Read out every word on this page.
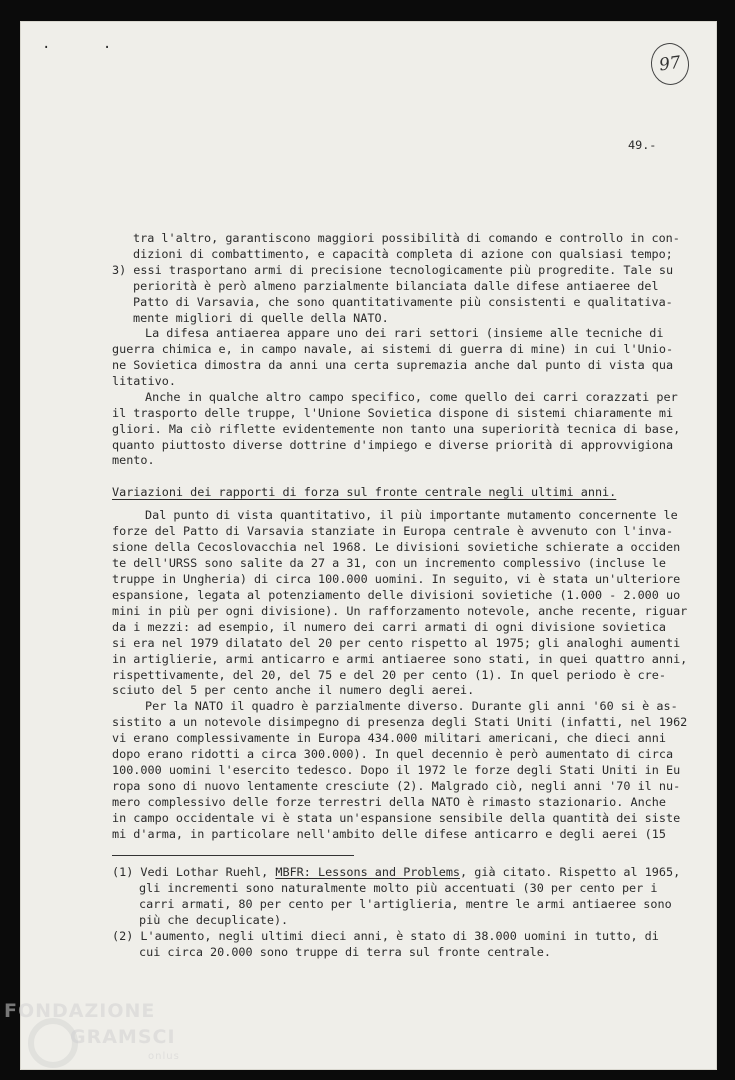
. .
97
49.-
tra l'altro, garantiscono maggiori possibilità di comando e controllo in con-
dizioni di combattimento, e capacità completa di azione con qualsiasi tempo;
3) essi trasportano armi di precisione tecnologicamente più progredite. Tale su
periorità è però almeno parzialmente bilanciata dalle difese antiaeree del
Patto di Varsavia, che sono quantitativamente più consistenti e qualitativa-
mente migliori di quelle della NATO.
La difesa antiaerea appare uno dei rari settori (insieme alle tecniche di
guerra chimica e, in campo navale, ai sistemi di guerra di mine) in cui l'Unio-
ne Sovietica dimostra da anni una certa supremazia anche dal punto di vista qua
litativo.
Anche in qualche altro campo specifico, come quello dei carri corazzati per
il trasporto delle truppe, l'Unione Sovietica dispone di sistemi chiaramente mi
gliori. Ma ciò riflette evidentemente non tanto una superiorità tecnica di base,
quanto piuttosto diverse dottrine d'impiego e diverse priorità di approvvigiona
mento.
Variazioni dei rapporti di forza sul fronte centrale negli ultimi anni.
Dal punto di vista quantitativo, il più importante mutamento concernente le
forze del Patto di Varsavia stanziate in Europa centrale è avvenuto con l'inva-
sione della Cecoslovacchia nel 1968. Le divisioni sovietiche schierate a occiden
te dell'URSS sono salite da 27 a 31, con un incremento complessivo (incluse le
truppe in Ungheria) di circa 100.000 uomini. In seguito, vi è stata un'ulteriore
espansione, legata al potenziamento delle divisioni sovietiche (1.000 - 2.000 uo
mini in più per ogni divisione). Un rafforzamento notevole, anche recente, riguar
da i mezzi: ad esempio, il numero dei carri armati di ogni divisione sovietica
si era nel 1979 dilatato del 20 per cento rispetto al 1975; gli analoghi aumenti
in artiglierie, armi anticarro e armi antiaeree sono stati, in quei quattro anni,
rispettivamente, del 20, del 75 e del 20 per cento (1). In quel periodo è cre-
sciuto del 5 per cento anche il numero degli aerei.
Per la NATO il quadro è parzialmente diverso. Durante gli anni '60 si è as-
sistito a un notevole disimpegno di presenza degli Stati Uniti (infatti, nel 1962
vi erano complessivamente in Europa 434.000 militari americani, che dieci anni
dopo erano ridotti a circa 300.000). In quel decennio è però aumentato di circa
100.000 uomini l'esercito tedesco. Dopo il 1972 le forze degli Stati Uniti in Eu
ropa sono di nuovo lentamente cresciute (2). Malgrado ciò, negli anni '70 il nu-
mero complessivo delle forze terrestri della NATO è rimasto stazionario. Anche
in campo occidentale vi è stata un'espansione sensibile della quantità dei siste
mi d'arma, in particolare nell'ambito delle difese anticarro e degli aerei (15
(1) Vedi Lothar Ruehl, MBFR: Lessons and Problems, già citato. Rispetto al 1965,
gli incrementi sono naturalmente molto più accentuati (30 per cento per i
carri armati, 80 per cento per l'artiglieria, mentre le armi antiaeree sono
più che decuplicate).
(2) L'aumento, negli ultimi dieci anni, è stato di 38.000 uomini in tutto, di
cui circa 20.000 sono truppe di terra sul fronte centrale.
FONDAZIONE
GRAMSCI
onlus
